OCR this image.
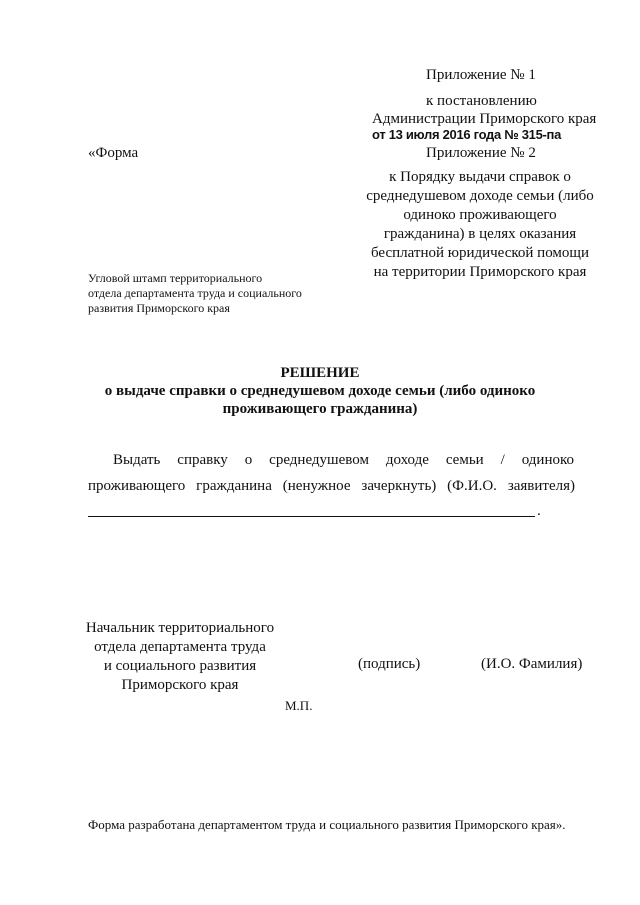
Приложение № 1
к постановлению
Администрации Приморского края
от 13 июля 2016 года № 315-па
«Форма	Приложение № 2
к Порядку выдачи справок о
среднедушевом доходе семьи (либо
одиноко проживающего
гражданина) в целях оказания
бесплатной юридической помощи
на территории Приморского края
Угловой штамп территориального
отдела департамента труда и социального
развития Приморского края
РЕШЕНИЕ
о выдаче справки о среднедушевом доходе семьи (либо одиноко
проживающего гражданина)
Выдать справку о среднедушевом доходе семьи / одиноко
проживающего гражданина (ненужное зачеркнуть) (Ф.И.О. заявителя)
.
Начальник территориального
отдела департамента труда
и социального развития
Приморского края
(подпись)	(И.О. Фамилия)
М.П.
Форма разработана департаментом труда и социального развития Приморского края».
